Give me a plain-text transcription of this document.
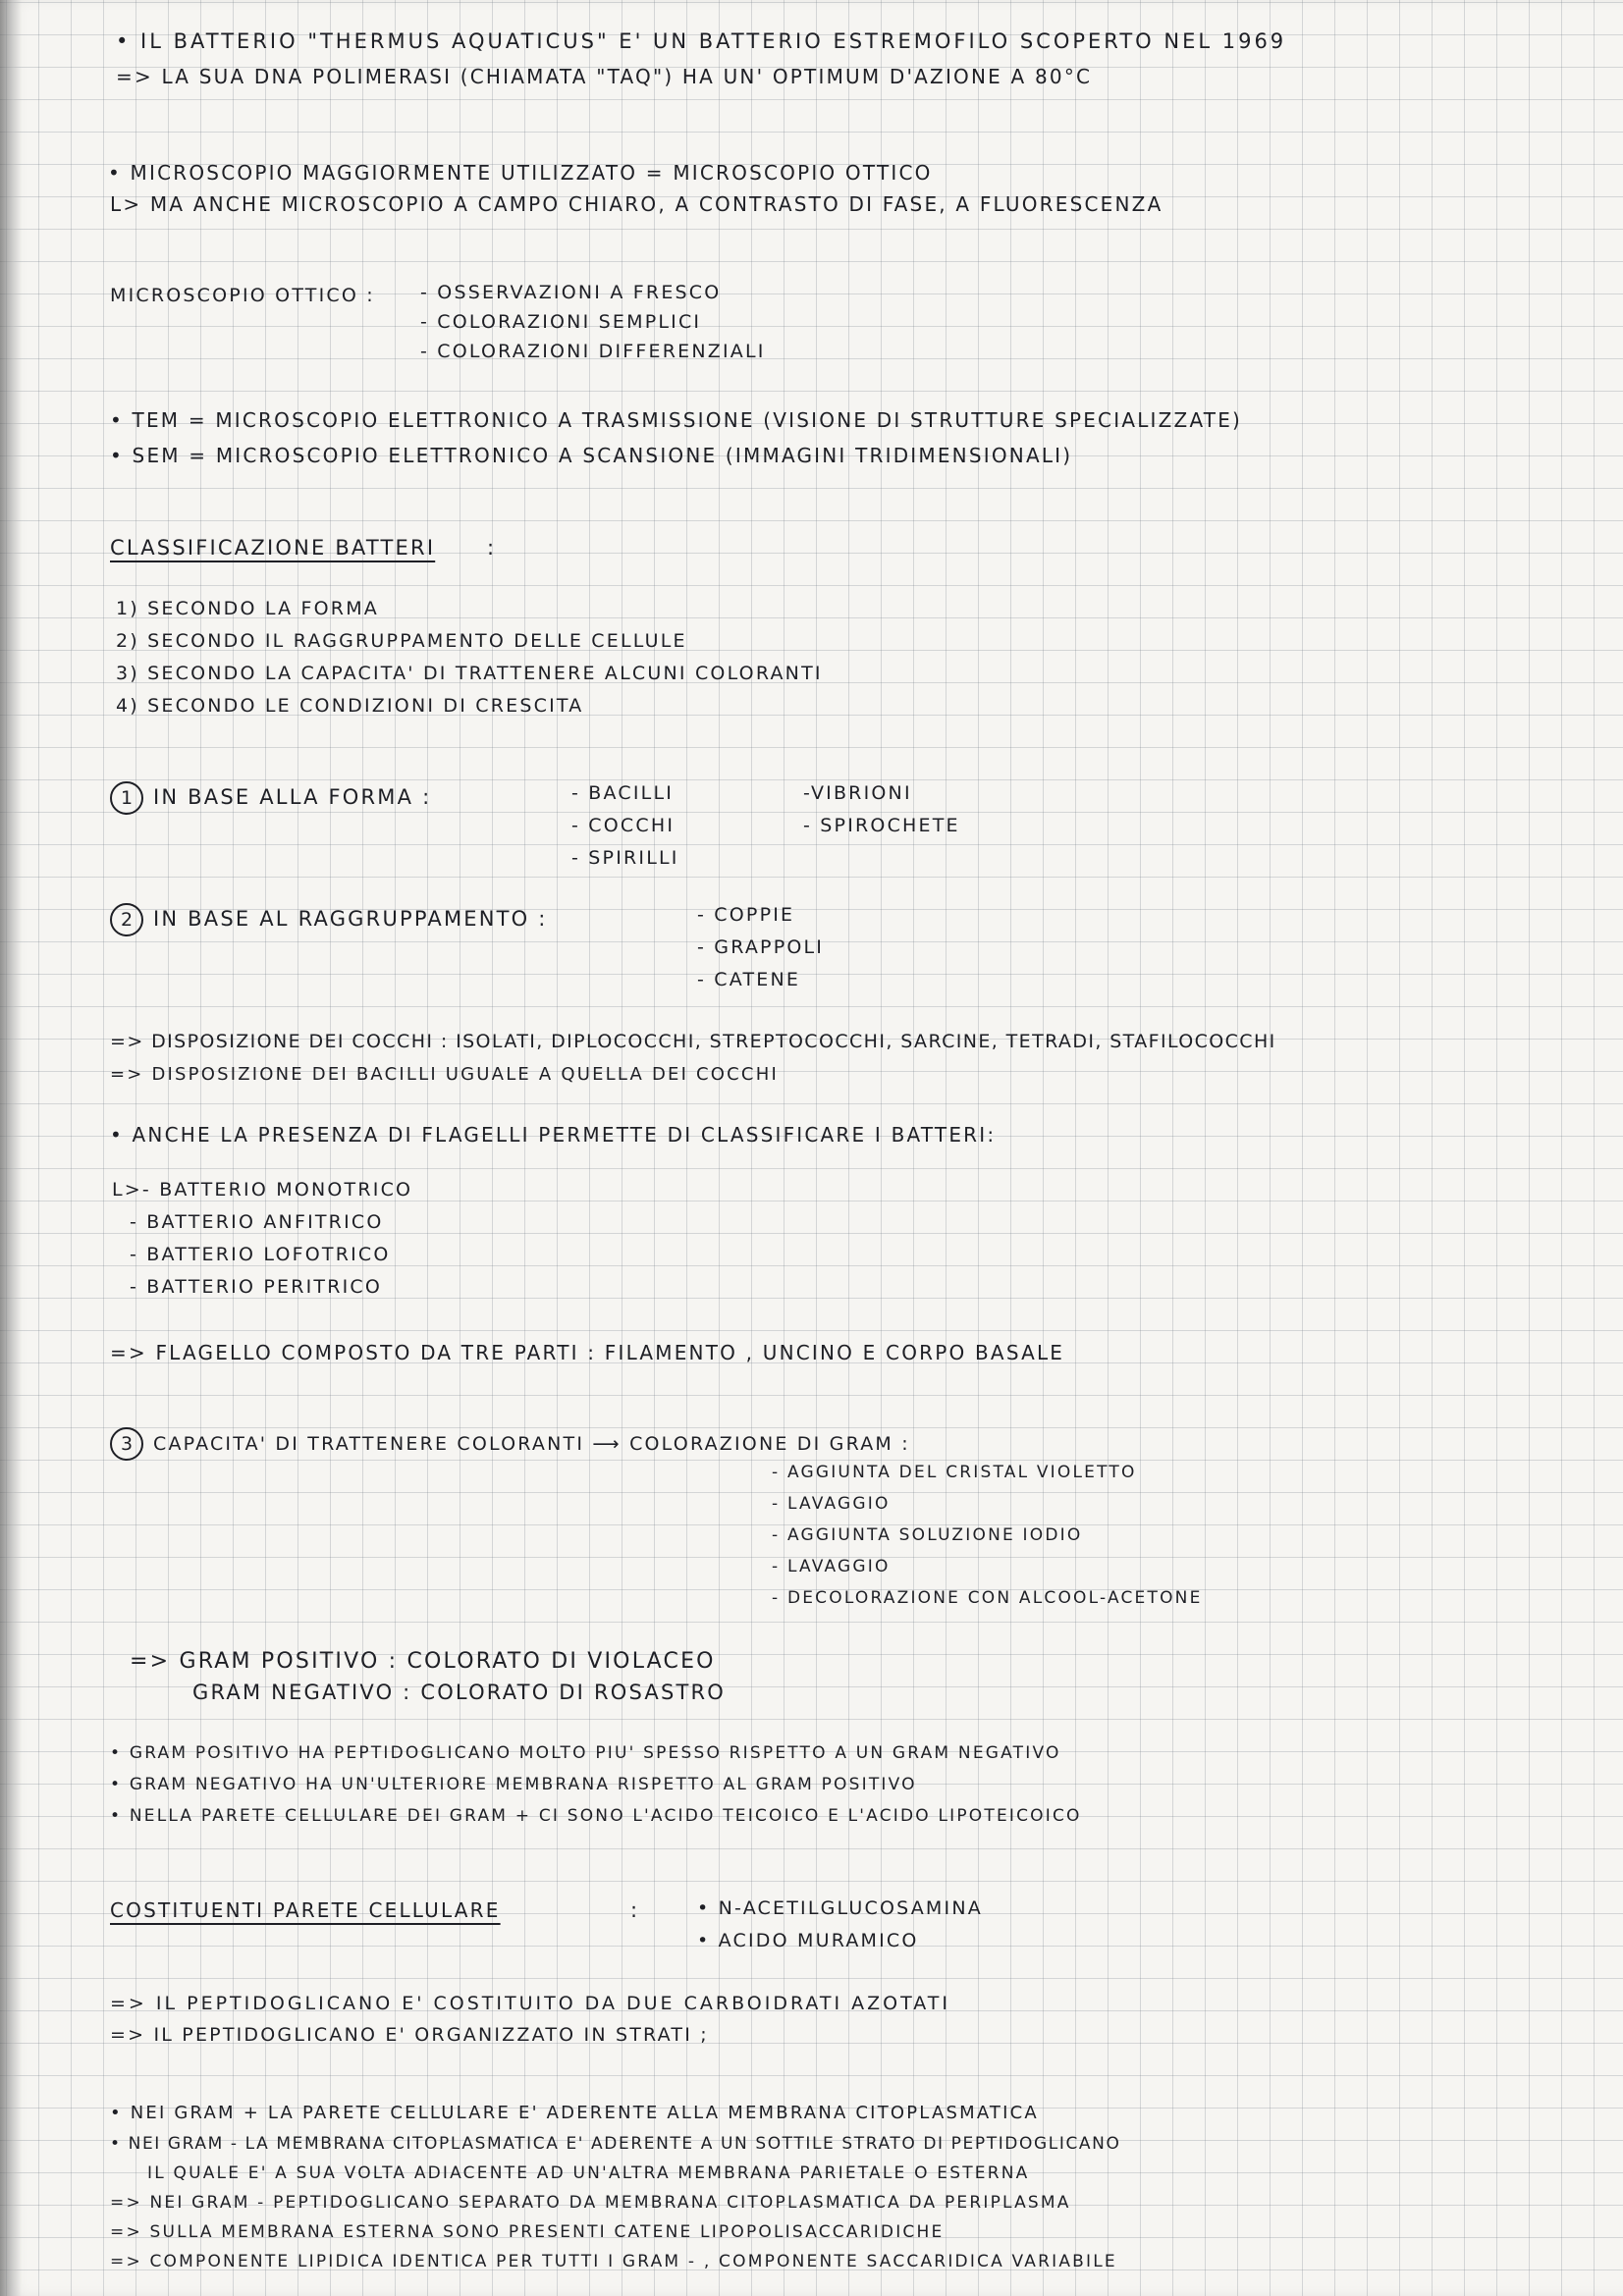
• IL BATTERIO "THERMUS AQUATICUS" E' UN BATTERIO ESTREMOFILO SCOPERTO NEL 1969

=> LA SUA DNA POLIMERASI (CHIAMATA "TAQ") HA UN' OPTIMUM D'AZIONE A 80°C

• MICROSCOPIO MAGGIORMENTE UTILIZZATO = MICROSCOPIO OTTICO

L> MA ANCHE MICROSCOPIO A CAMPO CHIARO, A CONTRASTO DI FASE, A FLUORESCENZA

MICROSCOPIO OTTICO : - OSSERVAZIONI A FRESCO
- COLORAZIONI SEMPLICI
- COLORAZIONI DIFFERENZIALI

• TEM = MICROSCOPIO ELETTRONICO A TRASMISSIONE (VISIONE DI STRUTTURE SPECIALIZZATE)

• SEM = MICROSCOPIO ELETTRONICO A SCANSIONE (IMMAGINI TRIDIMENSIONALI)

CLASSIFICAZIONE BATTERI	:

1) SECONDO LA FORMA
2) SECONDO IL RAGGRUPPAMENTO DELLE CELLULE
3) SECONDO LA CAPACITA' DI TRATTENERE ALCUNI COLORANTI
4) SECONDO LE CONDIZIONI DI CRESCITA

1 IN BASE ALLA FORMA :	- BACILLI
- COCCHI
- SPIRILLI
-VIBRIONI
- SPIROCHETE

2 IN BASE AL RAGGRUPPAMENTO :	- COPPIE
- GRAPPOLI
- CATENE

=> DISPOSIZIONE DEI COCCHI : ISOLATI, DIPLOCOCCHI, STREPTOCOCCHI, SARCINE, TETRADI, STAFILOCOCCHI

=> DISPOSIZIONE DEI BACILLI UGUALE A QUELLA DEI COCCHI

• ANCHE LA PRESENZA DI FLAGELLI PERMETTE DI CLASSIFICARE I BATTERI:

L>- BATTERIO MONOTRICO
- BATTERIO ANFITRICO
- BATTERIO LOFOTRICO
- BATTERIO PERITRICO

=> FLAGELLO COMPOSTO DA TRE PARTI : FILAMENTO , UNCINO E CORPO BASALE

3 CAPACITA' DI TRATTENERE COLORANTI ⟶ COLORAZIONE DI GRAM :

- AGGIUNTA DEL CRISTAL VIOLETTO
- LAVAGGIO
- AGGIUNTA SOLUZIONE IODIO
- LAVAGGIO
- DECOLORAZIONE CON ALCOOL-ACETONE

=> GRAM POSITIVO : COLORATO DI VIOLACEO

GRAM NEGATIVO : COLORATO DI ROSASTRO

• GRAM POSITIVO HA PEPTIDOGLICANO MOLTO PIU' SPESSO RISPETTO A UN GRAM NEGATIVO

• GRAM NEGATIVO HA UN'ULTERIORE MEMBRANA RISPETTO AL GRAM POSITIVO

• NELLA PARETE CELLULARE DEI GRAM + CI SONO L'ACIDO TEICOICO E L'ACIDO LIPOTEICOICO

COSTITUENTI PARETE CELLULARE	:	• N-ACETILGLUCOSAMINA
• ACIDO MURAMICO

=> IL PEPTIDOGLICANO E' COSTITUITO DA DUE CARBOIDRATI AZOTATI

=> IL PEPTIDOGLICANO E' ORGANIZZATO IN STRATI ;

• NEI GRAM + LA PARETE CELLULARE E' ADERENTE ALLA MEMBRANA CITOPLASMATICA

• NEI GRAM - LA MEMBRANA CITOPLASMATICA E' ADERENTE A UN SOTTILE STRATO DI PEPTIDOGLICANO

IL QUALE E' A SUA VOLTA ADIACENTE AD UN'ALTRA MEMBRANA PARIETALE O ESTERNA

=> NEI GRAM - PEPTIDOGLICANO SEPARATO DA MEMBRANA CITOPLASMATICA DA PERIPLASMA

=> SULLA MEMBRANA ESTERNA SONO PRESENTI CATENE LIPOPOLISACCARIDICHE

=> COMPONENTE LIPIDICA IDENTICA PER TUTTI I GRAM - , COMPONENTE SACCARIDICA VARIABILE
